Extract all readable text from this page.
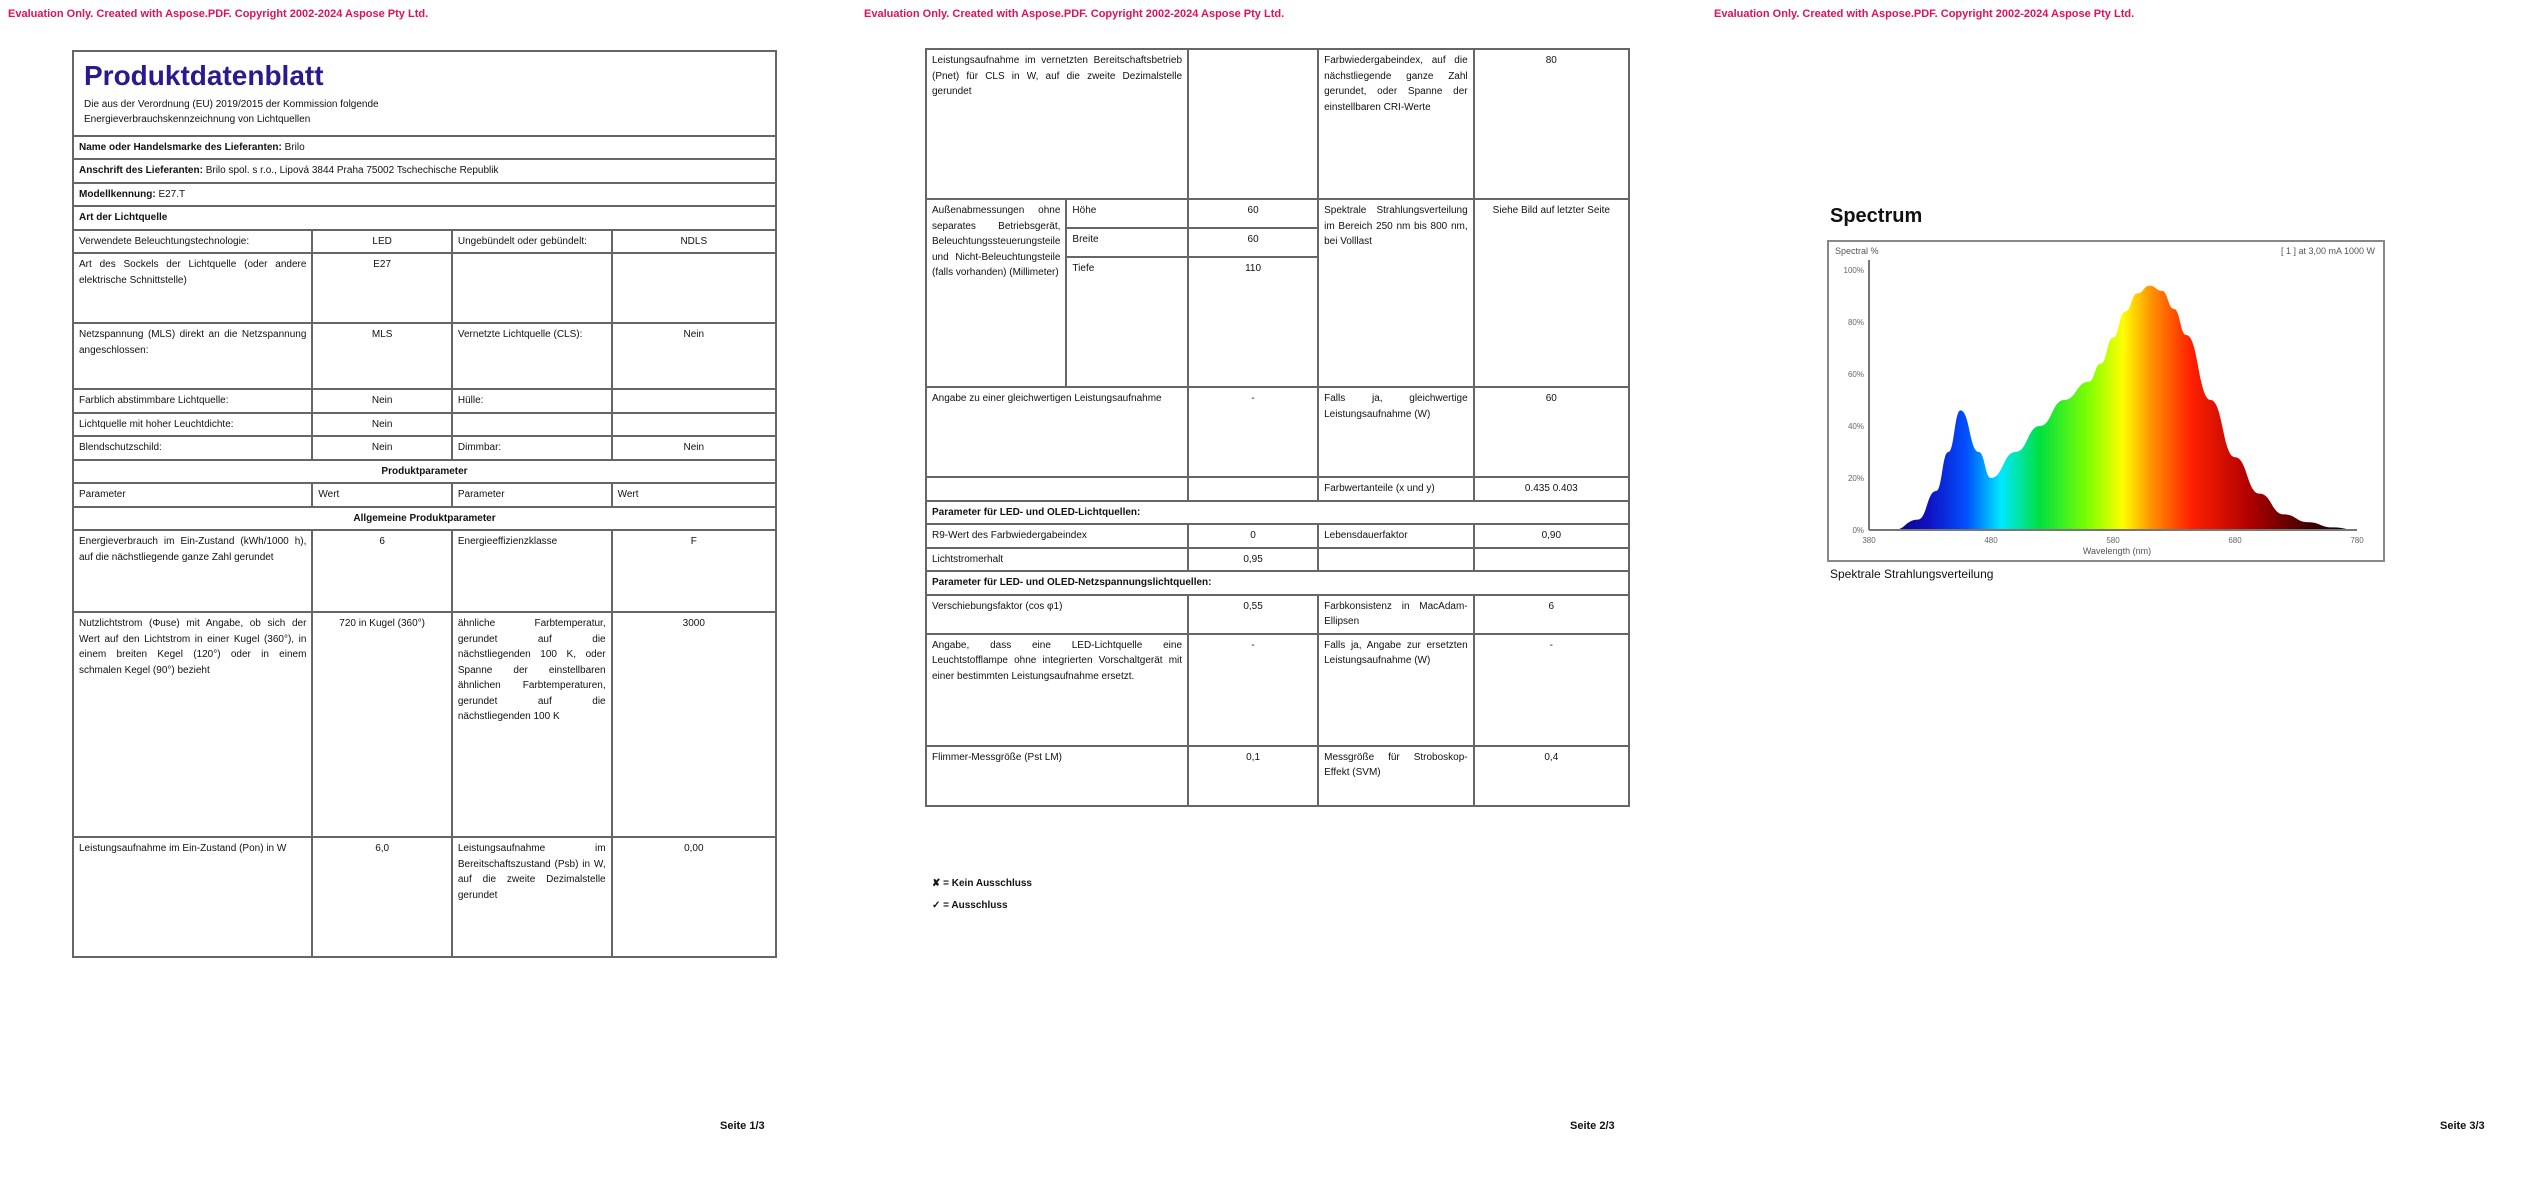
Evaluation Only. Created with Aspose.PDF. Copyright 2002-2024 Aspose Pty Ltd.
Produktdatenblatt
Die aus der Verordnung (EU) 2019/2015 der Kommission folgende Energieverbrauchskennzeichnung von Lichtquellen			

Name oder Handelsmarke des Lieferanten: Brilo			
Anschrift des Lieferanten: Brilo spol. s r.o., Lipová 3844 Praha 75002 Tschechische Republik			
Modellkennung: E27.T			
Art der Lichtquelle			
Verwendete Beleuchtungstechnologie:	LED	Ungebündelt oder gebündelt:	NDLS
Art des Sockels der Lichtquelle (oder andere elektrische Schnittstelle)	E27		
Netzspannung (MLS) direkt an die Netzspannung angeschlossen:	MLS	Vernetzte Lichtquelle (CLS):	Nein
Farblich abstimmbare Lichtquelle:	Nein	Hülle:	
Lichtquelle mit hoher Leuchtdichte:	Nein		
Blendschutzschild:	Nein	Dimmbar:	Nein
Produktparameter			
Parameter	Wert	Parameter	Wert
Allgemeine Produktparameter			
Energieverbrauch im Ein-Zustand (kWh/1000 h), auf die nächstliegende ganze Zahl gerundet	6	Energieeffizienzklasse	F
Nutzlichtstrom (Φuse) mit Angabe, ob sich der Wert auf den Lichtstrom in einer Kugel (360°), in einem breiten Kegel (120°) oder in einem schmalen Kegel (90°) bezieht	720 in Kugel (360°)	ähnliche Farbtemperatur, gerundet auf die nächstliegenden 100 K, oder Spanne der einstellbaren ähnlichen Farbtemperaturen, gerundet auf die nächstliegenden 100 K	3000
Leistungsaufnahme im Ein-Zustand (Pon) in W	6,0	Leistungsaufnahme im Bereitschaftszustand (Psb) in W, auf die zweite Dezimalstelle gerundet	0,00
Seite 1/3
Evaluation Only. Created with Aspose.PDF. Copyright 2002-2024 Aspose Pty Ltd.
Leistungsaufnahme im vernetzten Bereitschaftsbetrieb (Pnet) für CLS in W, auf die zweite Dezimalstelle gerundet			Farbwiedergabeindex, auf die nächstliegende ganze Zahl gerundet, oder Spanne der einstellbaren CRI-Werte	80
Außenabmessungen ohne separates Betriebsgerät, Beleuchtungssteuerungsteile und Nicht-Beleuchtungsteile (falls vorhanden) (Millimeter)	Höhe	60	Spektrale Strahlungsverteilung im Bereich 250 nm bis 800 nm, bei Volllast	Siehe Bild auf letzter Seite
	Breite	60		
	Tiefe	110		
Angabe zu einer gleichwertigen Leistungsaufnahme		-	Falls ja, gleichwertige Leistungsaufnahme (W)	60
			Farbwertanteile (x und y)	0.435 0.403
Parameter für LED- und OLED-Lichtquellen:				
R9-Wert des Farbwiedergabeindex		0	Lebensdauerfaktor	0,90
Lichtstromerhalt		0,95		
Parameter für LED- und OLED-Netzspannungslichtquellen:				
Verschiebungsfaktor (cos φ1)		0,55	Farbkonsistenz in MacAdam-Ellipsen	6
Angabe, dass eine LED-Lichtquelle eine Leuchtstofflampe ohne integrierten Vorschaltgerät mit einer bestimmten Leistungsaufnahme ersetzt.		-	Falls ja, Angabe zur ersetzten Leistungsaufnahme (W)	-
Flimmer-Messgröße (Pst LM)		0,1	Messgröße für Stroboskop-Effekt (SVM)	0,4
✘ = Kein Ausschluss
✓ = Ausschluss
Seite 2/3
Evaluation Only. Created with Aspose.PDF. Copyright 2002-2024 Aspose Pty Ltd.
Spectrum
Spectral %	[ 1 ] at 3,00 mA 1000 W
Wavelength (nm)
0%
20%
40%
60%
80%
100%
380	480	580	680	780
Spektrale Strahlungsverteilung
Seite 3/3
